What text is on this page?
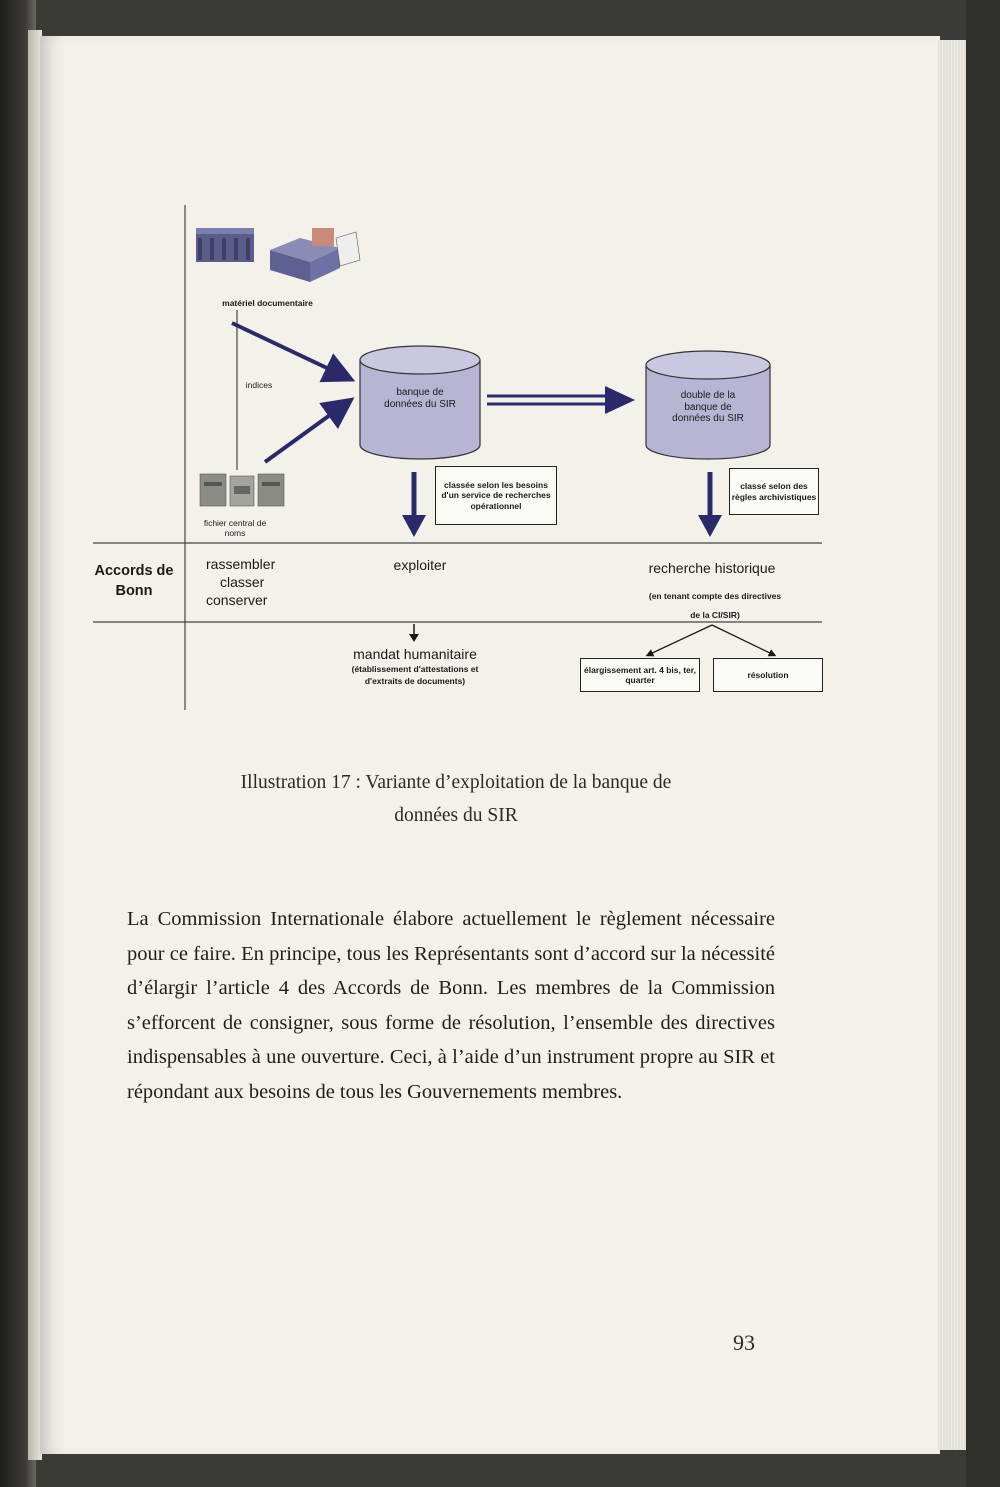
matériel documentaire
indices
fichier central de noms
banque de données du SIR
double de la banque de données du SIR
classée selon les besoins d'un service de recherches opérationnel
classé selon des règles archivistiques
Accords de Bonn
rassembler
classer
conserver
exploiter	recherche historique
(en tenant compte des directives
de la CI/SIR)
mandat humanitaire
(établissement d'attestations et
d'extraits de documents)
élargissement art. 4 bis, ter, quarter
résolution
Illustration 17 : Variante d’exploitation de la banque de
données du SIR
La Commission Internationale élabore actuellement le règlement nécessaire pour ce faire. En principe, tous les Représentants sont d’accord sur la nécessité d’élargir l’article 4 des Accords de Bonn. Les membres de la Commission s’efforcent de consigner, sous forme de résolution, l’ensemble des directives indispensables à une ouverture. Ceci, à l’aide d’un instrument propre au SIR et répondant aux besoins de tous les Gouvernements membres.
93
